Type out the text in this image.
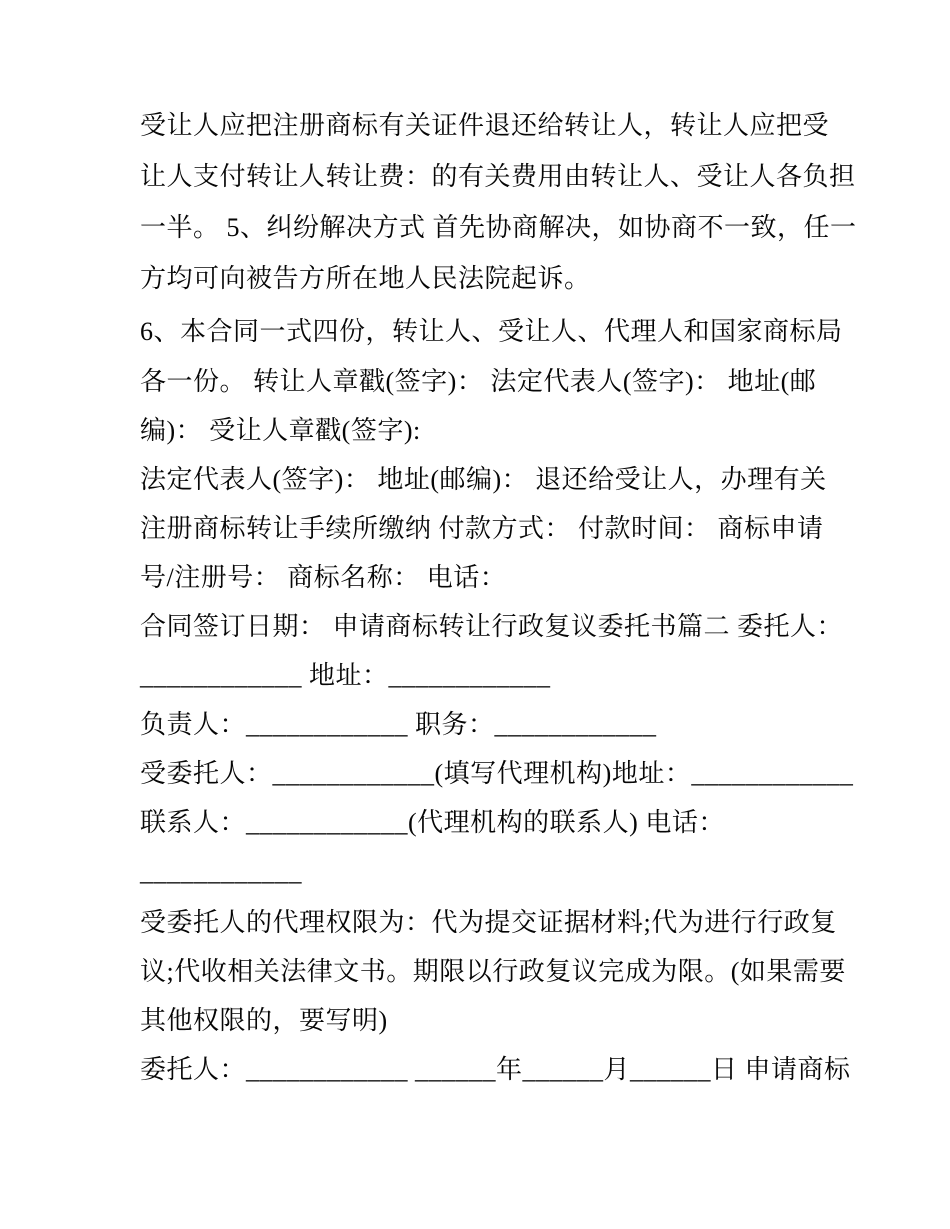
受让人应把注册商标有关证件退还给转让人，转让人应把受
让人支付转让人转让费：的有关费用由转让人、受让人各负担
一半。 5、纠纷解决方式 首先协商解决，如协商不一致，任一
方均可向被告方所在地人民法院起诉。
6、本合同一式四份，转让人、受让人、代理人和国家商标局
各一份。 转让人章戳(签字)： 法定代表人(签字)： 地址(邮
编)： 受让人章戳(签字):
法定代表人(签字)： 地址(邮编)： 退还给受让人，办理有关
注册商标转让手续所缴纳 付款方式： 付款时间： 商标申请
号/注册号： 商标名称： 电话：
合同签订日期： 申请商标转让行政复议委托书篇二 委托人：
____________ 地址：____________
负责人：____________ 职务：____________
受委托人：____________(填写代理机构)地址：____________
联系人：____________(代理机构的联系人) 电话：
____________
受委托人的代理权限为：代为提交证据材料;代为进行行政复
议;代收相关法律文书。期限以行政复议完成为限。(如果需要
其他权限的，要写明)
委托人：____________ ______年______月______日 申请商标
